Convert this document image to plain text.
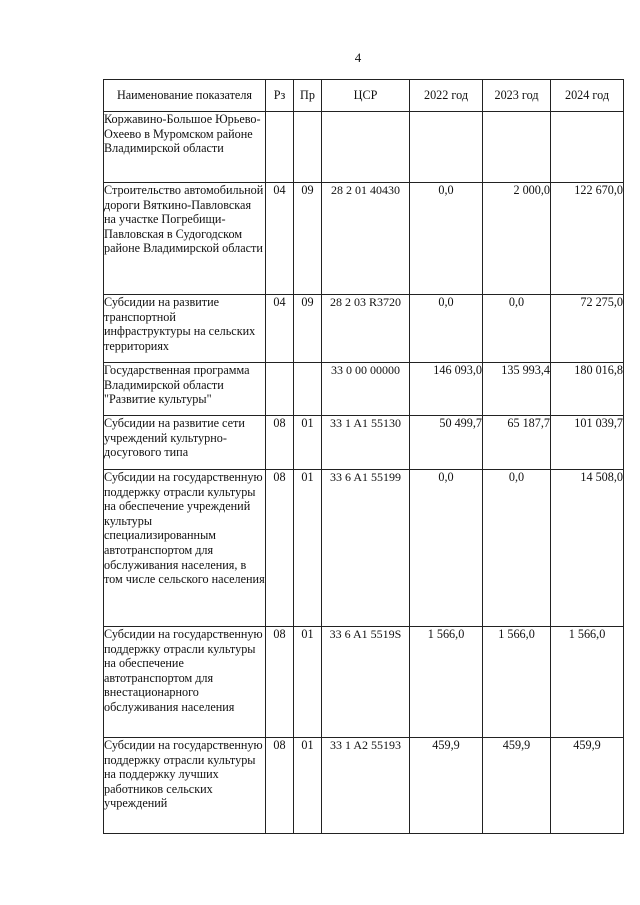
4
Наименование показателя	Рз	Пр	ЦСР	2022 год	2023 год	2024 год
Коржавино-Большое Юрьево- Охеево в Муромском районе Владимирской области						
Строительство автомобильной дороги Вяткино-Павловская на участке Погребищи-Павловская в Судогодском районе Владимирской области	04	09	28 2 01 40430	0,0	2 000,0	122 670,0
Субсидии на развитие транспортной инфраструктуры на сельских территориях	04	09	28 2 03 R3720	0,0	0,0	72 275,0
Государственная программа Владимирской области "Развитие культуры"			33 0 00 00000	146 093,0	135 993,4	180 016,8
Субсидии на развитие сети учреждений культурно-досугового типа	08	01	33 1 A1 55130	50 499,7	65 187,7	101 039,7
Субсидии на государственную поддержку отрасли культуры на обеспечение учреждений культуры специализированным автотранспортом для обслуживания населения, в том числе сельского населения	08	01	33 6 A1 55199	0,0	0,0	14 508,0
Субсидии на государственную поддержку отрасли культуры на обеспечение автотранспортом для внестационарного обслуживания населения	08	01	33 6 A1 5519S	1 566,0	1 566,0	1 566,0
Субсидии на государственную поддержку отрасли культуры на поддержку лучших работников сельских учреждений	08	01	33 1 A2 55193	459,9	459,9	459,9
